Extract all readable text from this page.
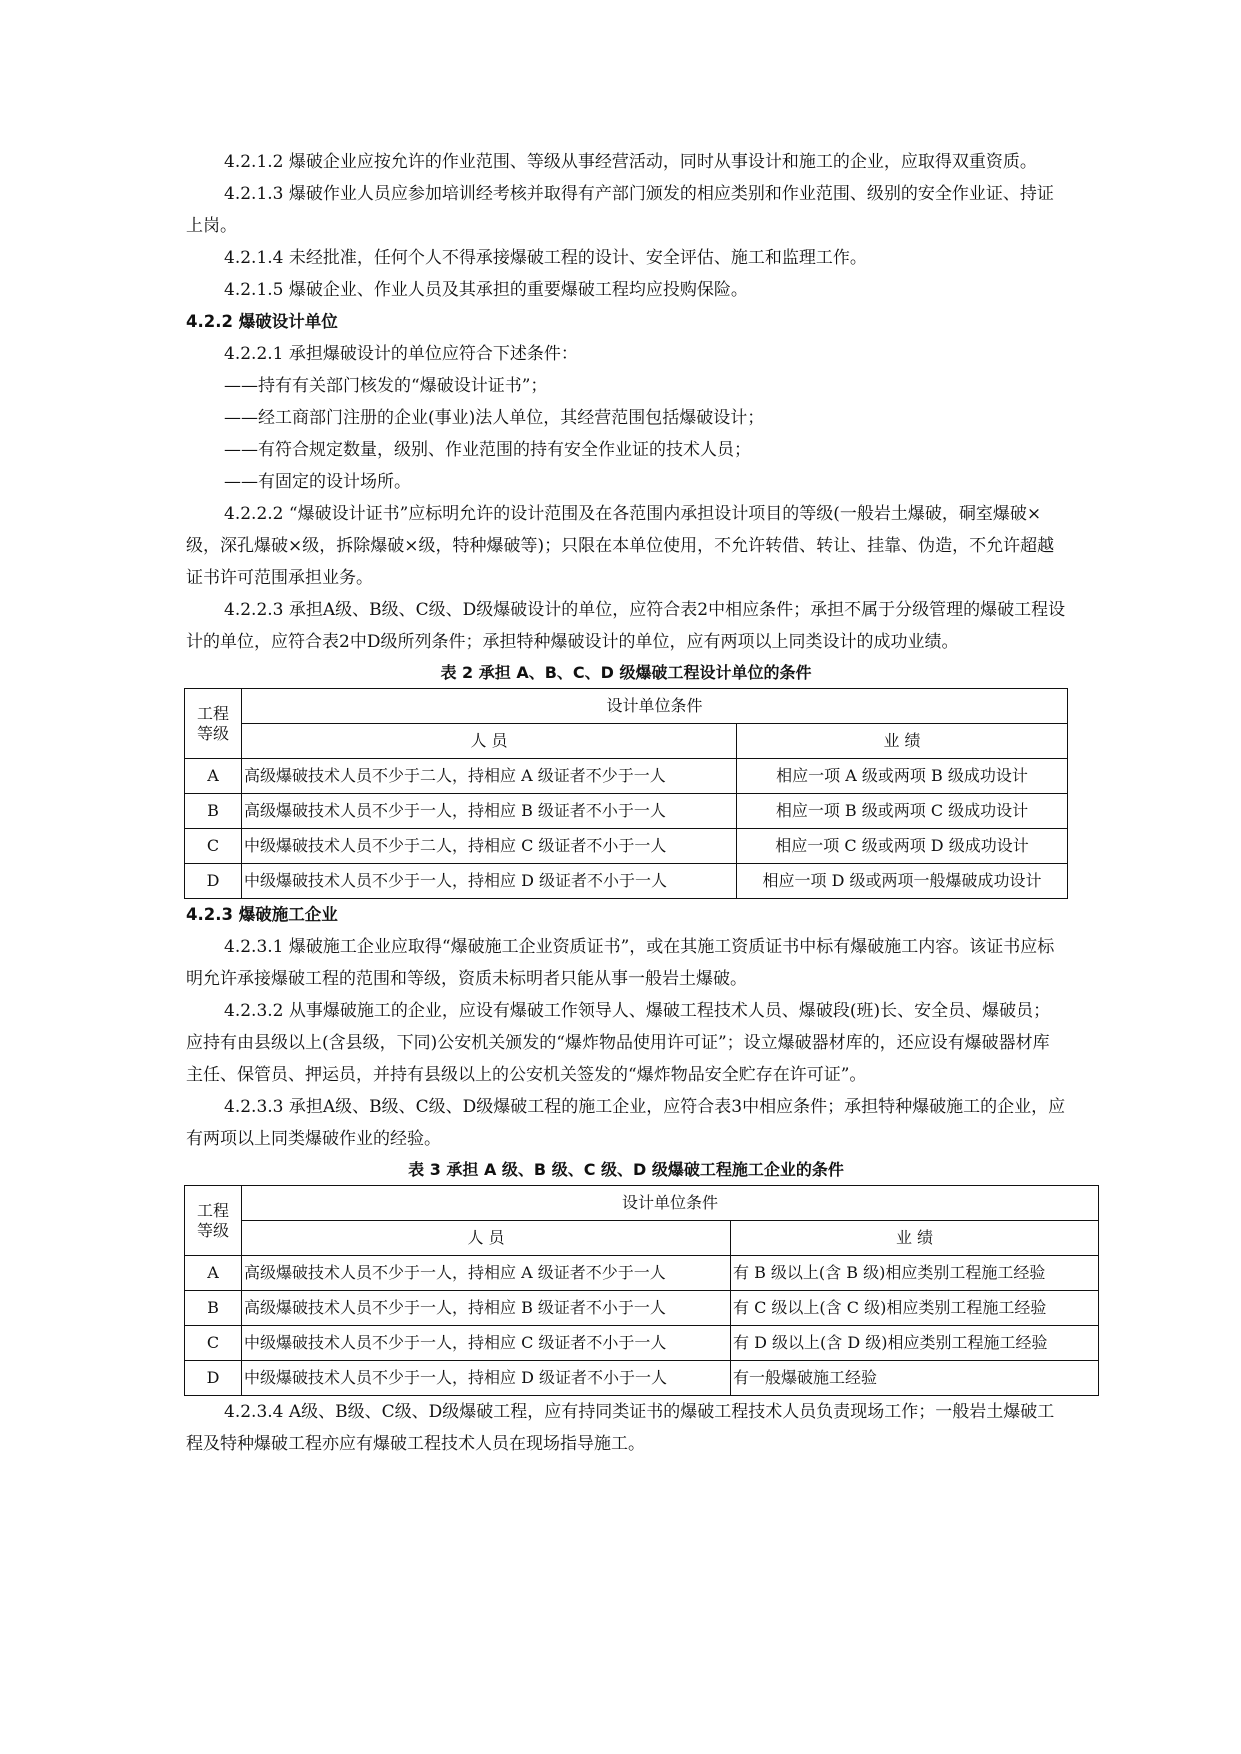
4.2.1.2 爆破企业应按允许的作业范围、等级从事经营活动，同时从事设计和施工的企业，应取得双重资质。

4.2.1.3 爆破作业人员应参加培训经考核并取得有产部门颁发的相应类别和作业范围、级别的安全作业证、持证上岗。

4.2.1.4 未经批准，任何个人不得承接爆破工程的设计、安全评估、施工和监理工作。

4.2.1.5 爆破企业、作业人员及其承担的重要爆破工程均应投购保险。

4.2.2 爆破设计单位

4.2.2.1 承担爆破设计的单位应符合下述条件：

——持有有关部门核发的“爆破设计证书”；

——经工商部门注册的企业(事业)法人单位，其经营范围包括爆破设计；

——有符合规定数量，级别、作业范围的持有安全作业证的技术人员；

——有固定的设计场所。

4.2.2.2 “爆破设计证书”应标明允许的设计范围及在各范围内承担设计项目的等级(一般岩土爆破，硐室爆破×级，深孔爆破×级，拆除爆破×级，特种爆破等)；只限在本单位使用，不允许转借、转让、挂靠、伪造，不允许超越证书许可范围承担业务。

4.2.2.3 承担A级、B级、C级、D级爆破设计的单位，应符合表2中相应条件；承担不属于分级管理的爆破工程设计的单位，应符合表2中D级所列条件；承担特种爆破设计的单位，应有两项以上同类设计的成功业绩。

表 2 承担 A、B、C、D 级爆破工程设计单位的条件

工程
等级	设计单位条件	
	人 员	业 绩
A	高级爆破技术人员不少于二人，持相应 A 级证者不少于一人	相应一项 A 级或两项 B 级成功设计
B	高级爆破技术人员不少于一人，持相应 B 级证者不小于一人	相应一项 B 级或两项 C 级成功设计
C	中级爆破技术人员不少于二人，持相应 C 级证者不小于一人	相应一项 C 级或两项 D 级成功设计
D	中级爆破技术人员不少于一人，持相应 D 级证者不小于一人	相应一项 D 级或两项一般爆破成功设计

4.2.3 爆破施工企业

4.2.3.1 爆破施工企业应取得“爆破施工企业资质证书”，或在其施工资质证书中标有爆破施工内容。该证书应标明允许承接爆破工程的范围和等级，资质未标明者只能从事一般岩土爆破。

4.2.3.2 从事爆破施工的企业，应设有爆破工作领导人、爆破工程技术人员、爆破段(班)长、安全员、爆破员；应持有由县级以上(含县级，下同)公安机关颁发的“爆炸物品使用许可证”；设立爆破器材库的，还应设有爆破器材库主任、保管员、押运员，并持有县级以上的公安机关签发的“爆炸物品安全贮存在许可证”。

4.2.3.3 承担A级、B级、C级、D级爆破工程的施工企业，应符合表3中相应条件；承担特种爆破施工的企业，应有两项以上同类爆破作业的经验。

表 3 承担 A 级、B 级、C 级、D 级爆破工程施工企业的条件

工程
等级	设计单位条件	
	人 员	业 绩
A	高级爆破技术人员不少于一人，持相应 A 级证者不少于一人	有 B 级以上(含 B 级)相应类别工程施工经验
B	高级爆破技术人员不少于一人，持相应 B 级证者不小于一人	有 C 级以上(含 C 级)相应类别工程施工经验
C	中级爆破技术人员不少于一人，持相应 C 级证者不小于一人	有 D 级以上(含 D 级)相应类别工程施工经验
D	中级爆破技术人员不少于一人，持相应 D 级证者不小于一人	有一般爆破施工经验

4.2.3.4 A级、B级、C级、D级爆破工程，应有持同类证书的爆破工程技术人员负责现场工作；一般岩土爆破工程及特种爆破工程亦应有爆破工程技术人员在现场指导施工。
